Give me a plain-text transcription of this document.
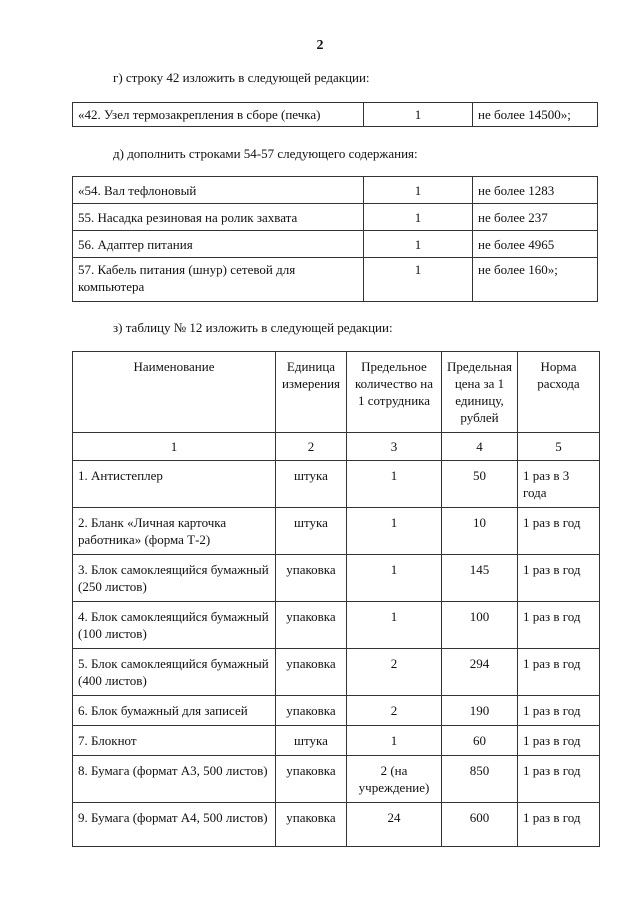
2
г) строку 42 изложить в следующей редакции:
«42. Узел термозакрепления в сборе (печка)	1	не более 14500»;
д) дополнить строками 54-57 следующего содержания:
«54. Вал тефлоновый	1	не более 1283
55. Насадка резиновая на ролик захвата	1	не более 237
56. Адаптер питания	1	не более 4965
57. Кабель питания (шнур) сетевой для компьютера	1	не более 160»;
з) таблицу № 12 изложить в следующей редакции:
Наименование	Единица измерения	Предельное количество на 1 сотрудника	Предельная цена за 1 единицу, рублей	Норма расхода
1	2	3	4	5
1. Антистеплер	штука	1	50	1 раз в 3 года
2. Бланк «Личная карточка работника» (форма Т-2)	штука	1	10	1 раз в год
3. Блок самоклеящийся бумажный (250 листов)	упаковка	1	145	1 раз в год
4. Блок самоклеящийся бумажный (100 листов)	упаковка	1	100	1 раз в год
5. Блок самоклеящийся бумажный (400 листов)	упаковка	2	294	1 раз в год
6. Блок бумажный для записей	упаковка	2	190	1 раз в год
7. Блокнот	штука	1	60	1 раз в год
8. Бумага (формат А3, 500 листов)	упаковка	2 (на учреждение)	850	1 раз в год
9. Бумага (формат А4, 500 листов)	упаковка	24	600	1 раз в год
